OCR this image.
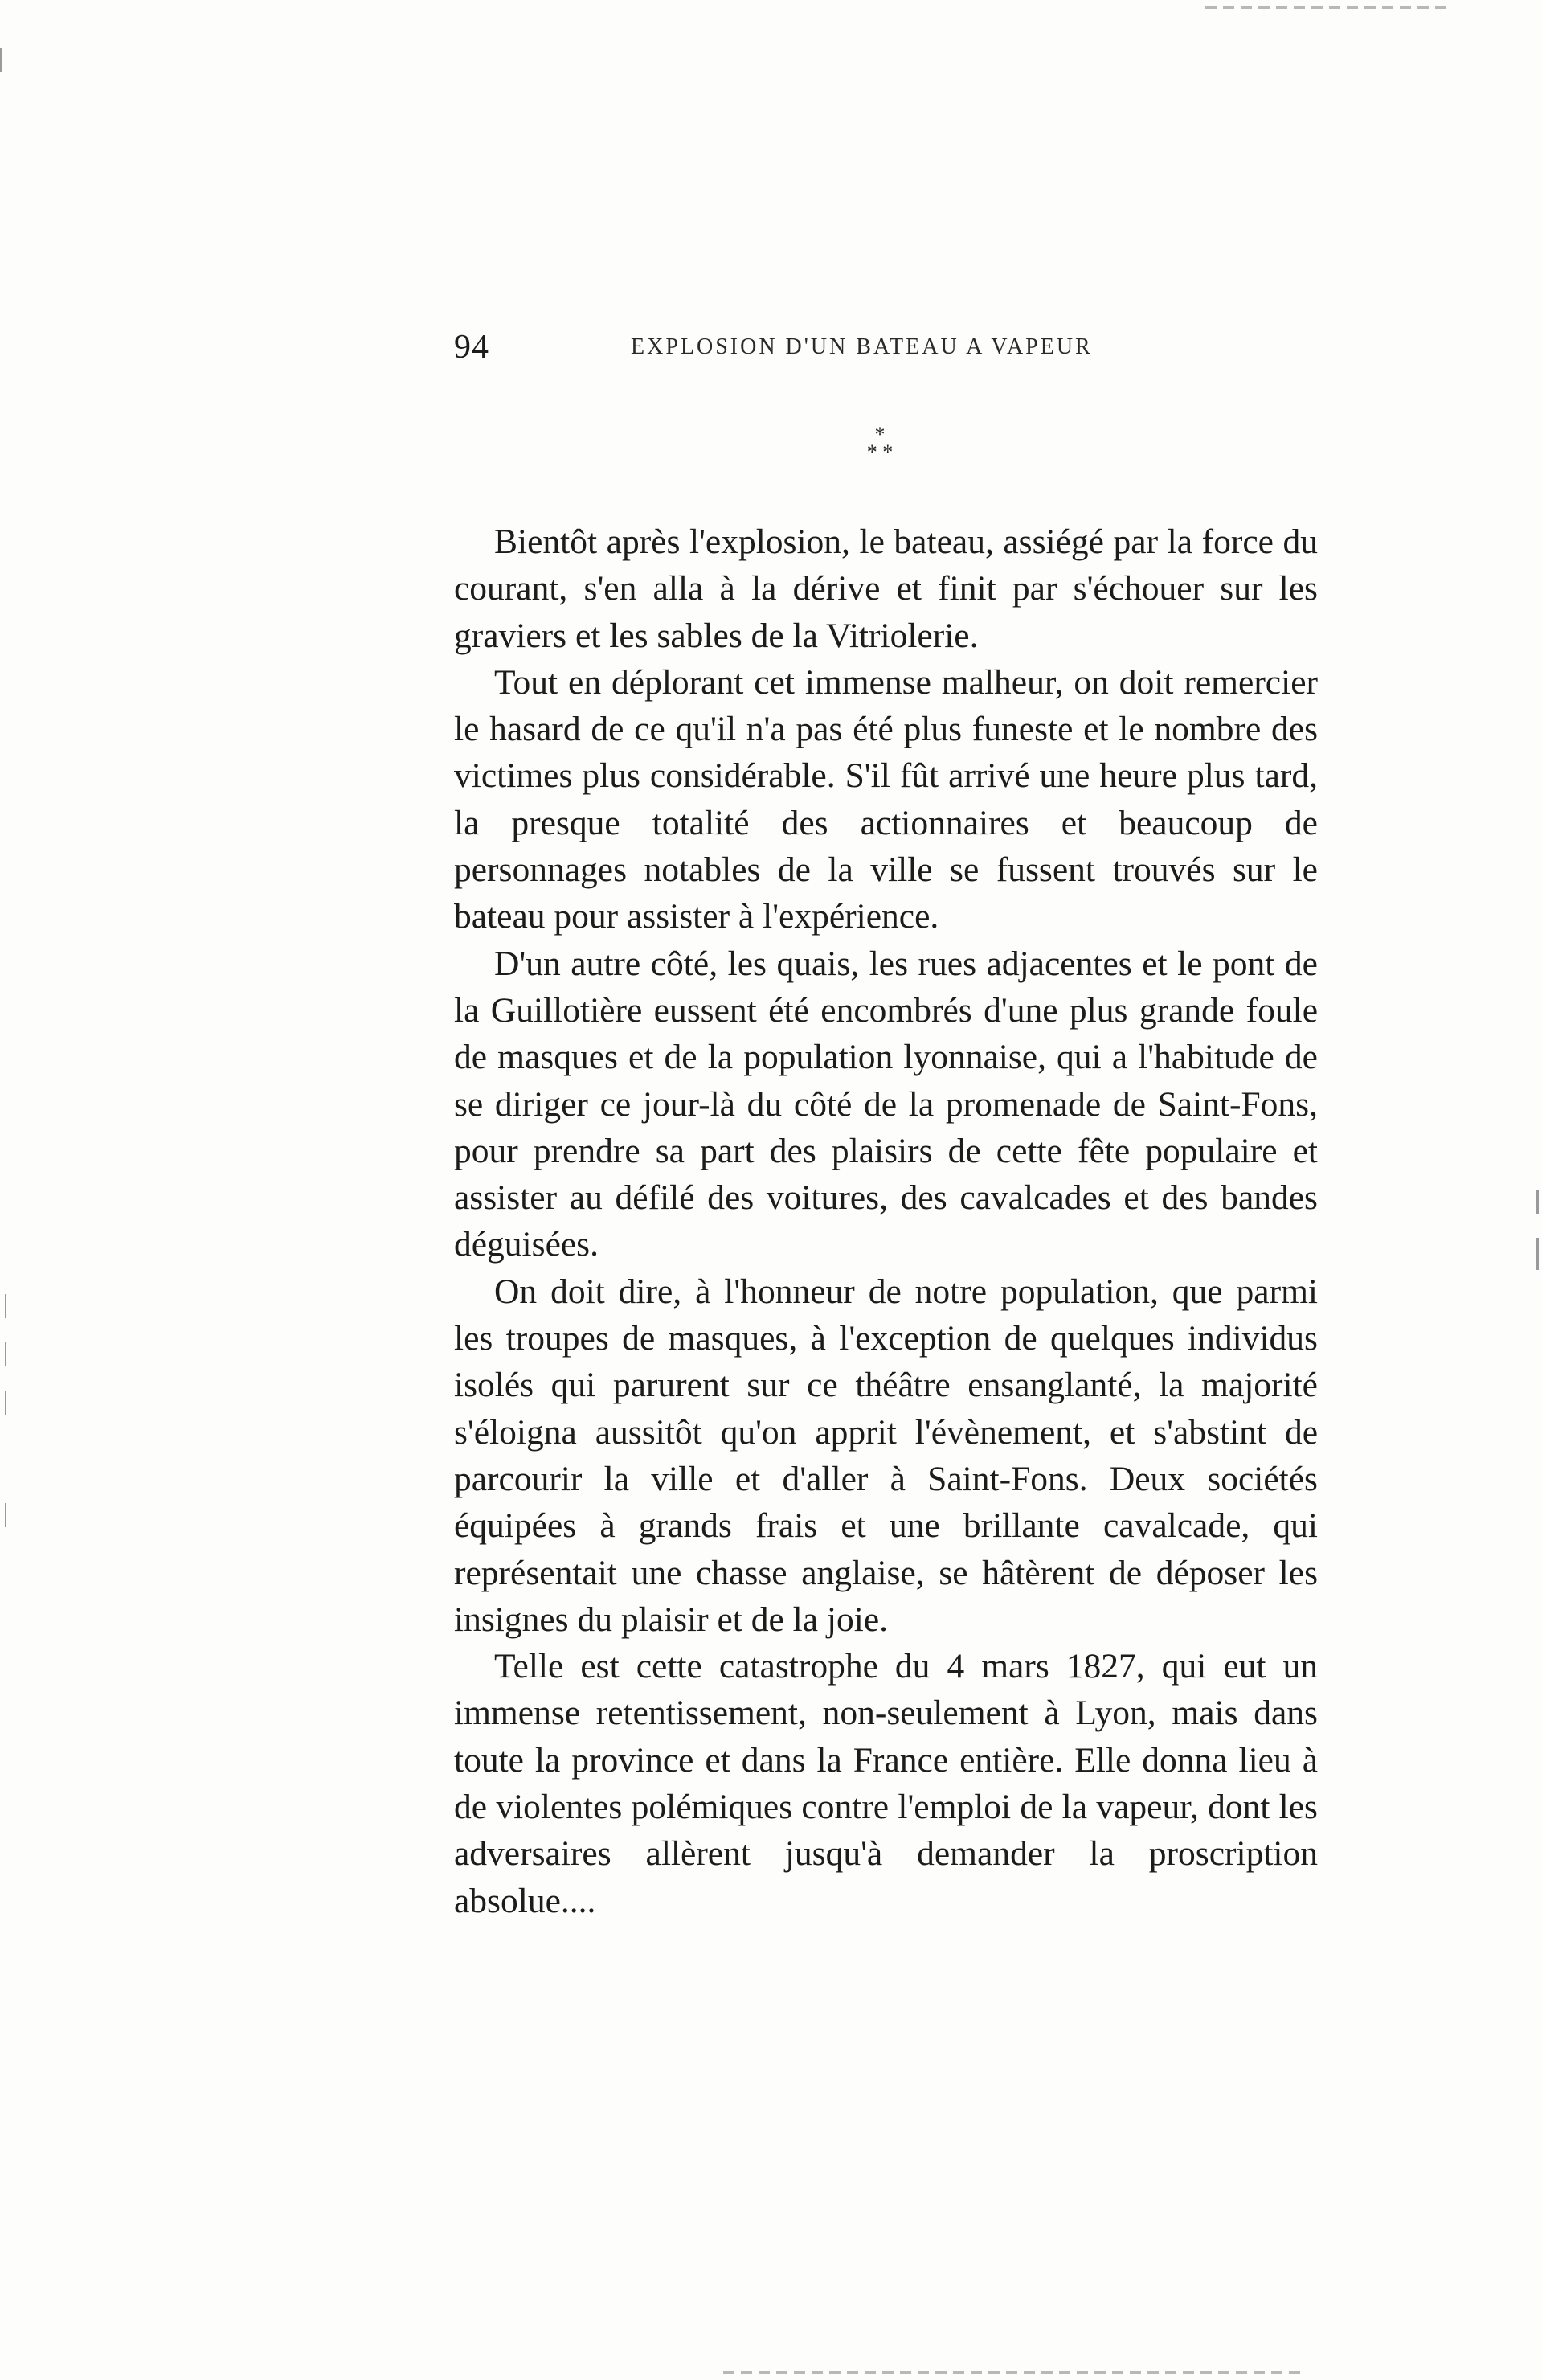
94	EXPLOSION D'UN BATEAU A VAPEUR
*
* *

Bientôt après l'explosion, le bateau, assiégé par la force du courant, s'en alla à la dérive et finit par s'échouer sur les graviers et les sables de la Vitriolerie.

Tout en déplorant cet immense malheur, on doit remercier le hasard de ce qu'il n'a pas été plus funeste et le nombre des victimes plus considérable. S'il fût arrivé une heure plus tard, la presque totalité des actionnaires et beaucoup de personnages notables de la ville se fussent trouvés sur le bateau pour assister à l'expérience.

D'un autre côté, les quais, les rues adjacentes et le pont de la Guillotière eussent été encombrés d'une plus grande foule de masques et de la population lyonnaise, qui a l'habitude de se diriger ce jour-là du côté de la promenade de Saint-Fons, pour prendre sa part des plaisirs de cette fête populaire et assister au défilé des voitures, des cavalcades et des bandes déguisées.

On doit dire, à l'honneur de notre population, que parmi les troupes de masques, à l'exception de quelques individus isolés qui parurent sur ce théâtre ensanglanté, la majorité s'éloigna aussitôt qu'on apprit l'évènement, et s'abstint de parcourir la ville et d'aller à Saint-Fons. Deux sociétés équipées à grands frais et une brillante cavalcade, qui représentait une chasse anglaise, se hâtèrent de déposer les insignes du plaisir et de la joie.

Telle est cette catastrophe du 4 mars 1827, qui eut un immense retentissement, non-seulement à Lyon, mais dans toute la province et dans la France entière. Elle donna lieu à de violentes polémiques contre l'emploi de la vapeur, dont les adversaires allèrent jusqu'à demander la proscription absolue....
